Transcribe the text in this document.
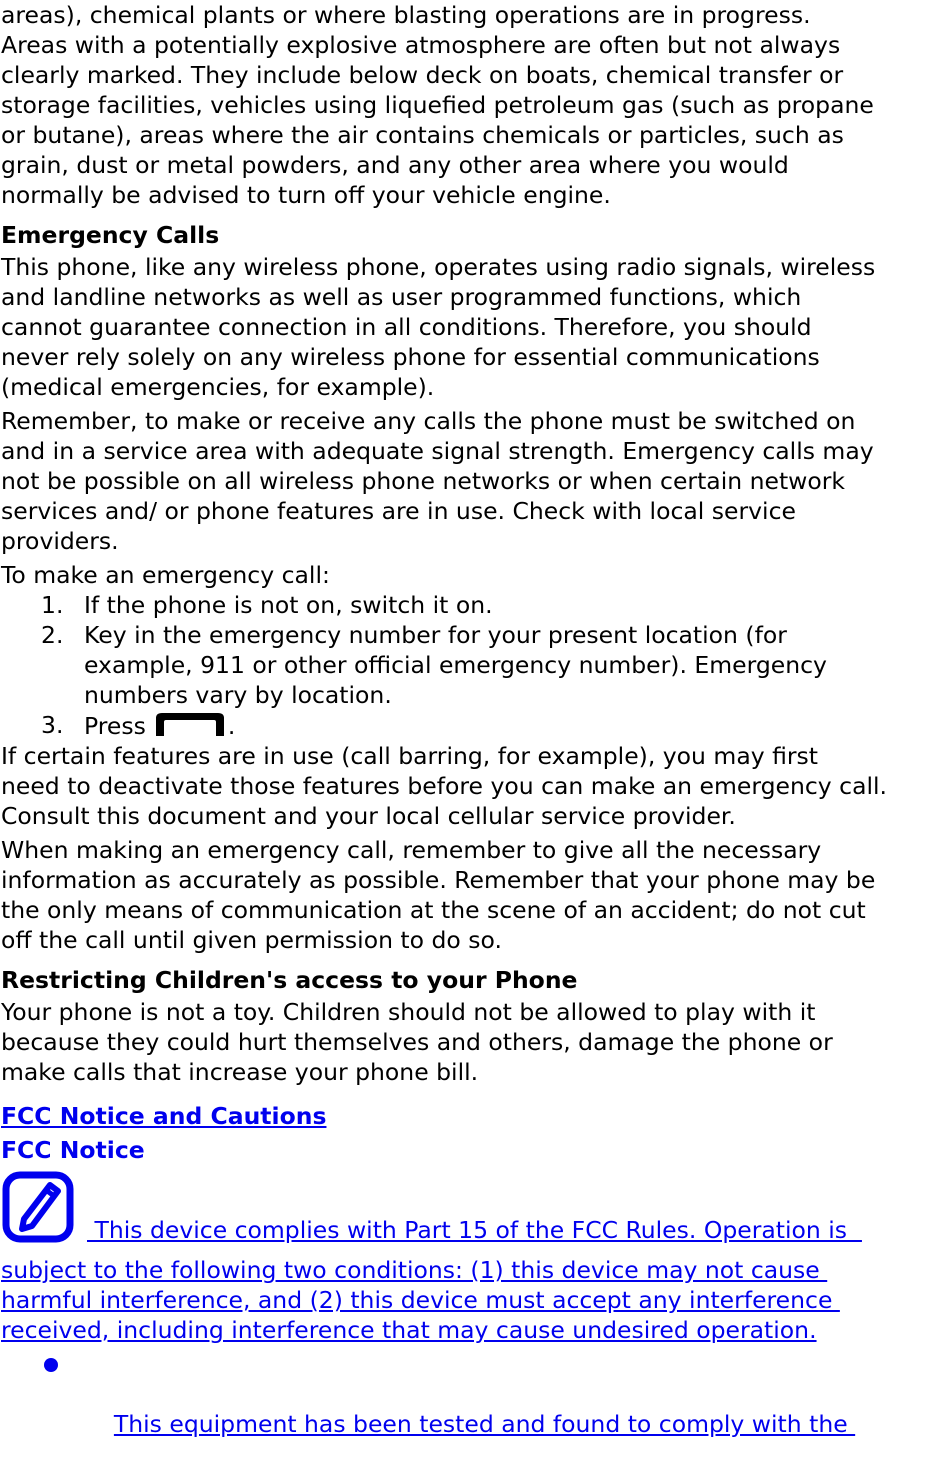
areas), chemical plants or where blasting operations are in progress.

Areas with a potentially explosive atmosphere are often but not always

clearly marked. They include below deck on boats, chemical transfer or

storage facilities, vehicles using liquefied petroleum gas (such as propane

or butane), areas where the air contains chemicals or particles, such as

grain, dust or metal powders, and any other area where you would

normally be advised to turn off your vehicle engine.

Emergency Calls

This phone, like any wireless phone, operates using radio signals, wireless

and landline networks as well as user programmed functions, which

cannot guarantee connection in all conditions. Therefore, you should

never rely solely on any wireless phone for essential communications

(medical emergencies, for example).

Remember, to make or receive any calls the phone must be switched on

and in a service area with adequate signal strength. Emergency calls may

not be possible on all wireless phone networks or when certain network

services and/ or phone features are in use. Check with local service

providers.

To make an emergency call:

1. If the phone is not on, switch it on.
2. Key in the emergency number for your present location (for
example, 911 or other official emergency number). Emergency
numbers vary by location.
3. Press	.

If certain features are in use (call barring, for example), you may first

need to deactivate those features before you can make an emergency call.

Consult this document and your local cellular service provider.

When making an emergency call, remember to give all the necessary

information as accurately as possible. Remember that your phone may be

the only means of communication at the scene of an accident; do not cut

off the call until given permission to do so.

Restricting Children's access to your Phone

Your phone is not a toy. Children should not be allowed to play with it

because they could hurt themselves and others, damage the phone or

make calls that increase your phone bill.

FCC Notice and Cautions

FCC Notice

This device complies with Part 15 of the FCC Rules. Operation is

subject to the following two conditions: (1) this device may not cause

harmful interference, and (2) this device must accept any interference

received, including interference that may cause undesired operation.

This equipment has been tested and found to comply with the
